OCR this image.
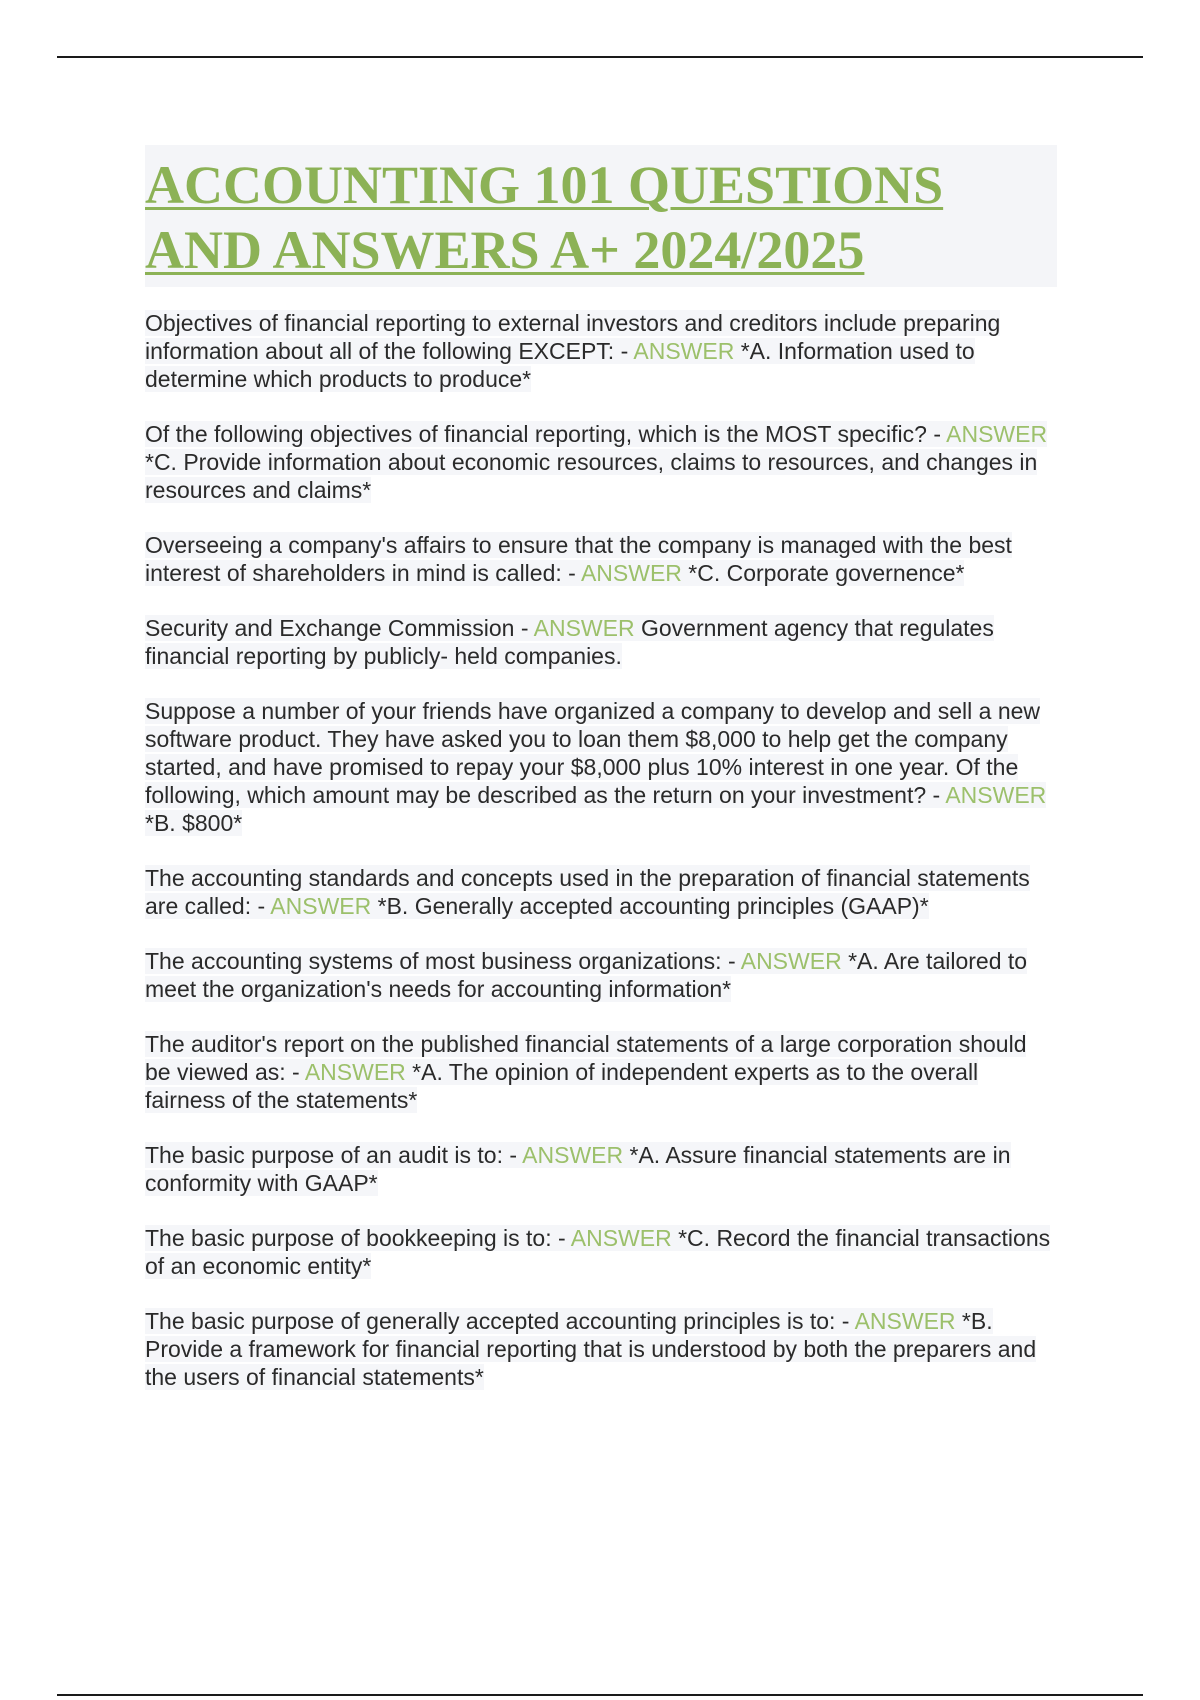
ACCOUNTING 101 QUESTIONS AND ANSWERS A+ 2024/2025

Objectives of financial reporting to external investors and creditors include preparing information about all of the following EXCEPT: - ANSWER *A. Information used to determine which products to produce*

Of the following objectives of financial reporting, which is the MOST specific? - ANSWER *C. Provide information about economic resources, claims to resources, and changes in resources and claims*

Overseeing a company's affairs to ensure that the company is managed with the best interest of shareholders in mind is called: - ANSWER *C. Corporate governence*

Security and Exchange Commission - ANSWER Government agency that regulates financial reporting by publicly- held companies.

Suppose a number of your friends have organized a company to develop and sell a new software product. They have asked you to loan them $8,000 to help get the company started, and have promised to repay your $8,000 plus 10% interest in one year. Of the following, which amount may be described as the return on your investment? - ANSWER *B. $800*

The accounting standards and concepts used in the preparation of financial statements are called: - ANSWER *B. Generally accepted accounting principles (GAAP)*

The accounting systems of most business organizations: - ANSWER *A. Are tailored to meet the organization's needs for accounting information*

The auditor's report on the published financial statements of a large corporation should be viewed as: - ANSWER *A. The opinion of independent experts as to the overall fairness of the statements*

The basic purpose of an audit is to: - ANSWER *A. Assure financial statements are in conformity with GAAP*

The basic purpose of bookkeeping is to: - ANSWER *C. Record the financial transactions of an economic entity*

The basic purpose of generally accepted accounting principles is to: - ANSWER *B. Provide a framework for financial reporting that is understood by both the preparers and the users of financial statements*
